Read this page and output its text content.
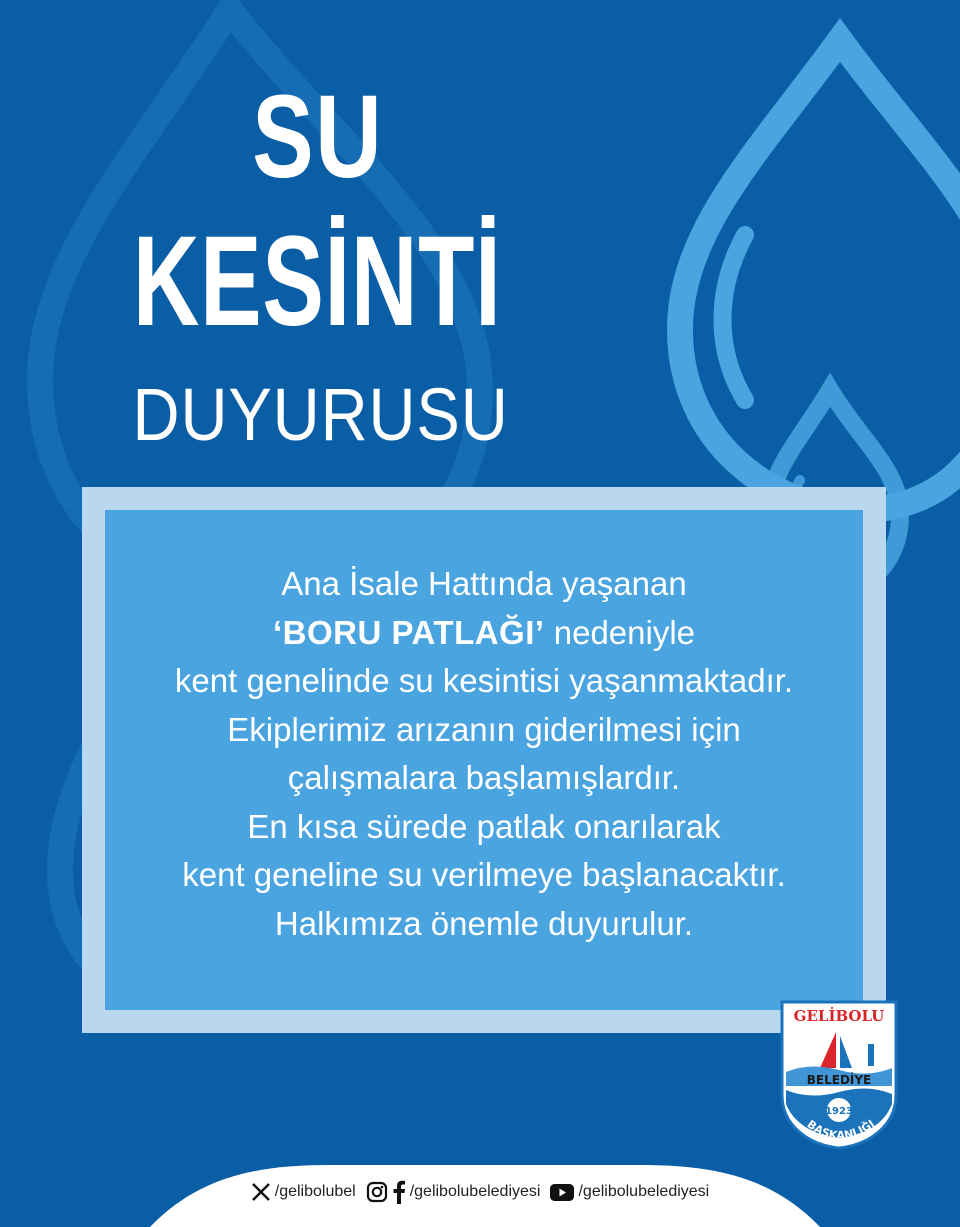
SU
KESİNTİ
DUYURUSU
Ana İsale Hattında yaşanan
‘BORU PATLAĞI’ nedeniyle
kent genelinde su kesintisi yaşanmaktadır.
Ekiplerimiz arızanın giderilmesi için
çalışmalara başlamışlardır.
En kısa sürede patlak onarılarak
kent geneline su verilmeye başlanacaktır.
Halkımıza önemle duyurulur.
GELİBOLU
BELEDİYE
1923
BAŞKANLIĞI
/gelibolubel	/gelibolubelediyesi /gelibolubelediyesi
